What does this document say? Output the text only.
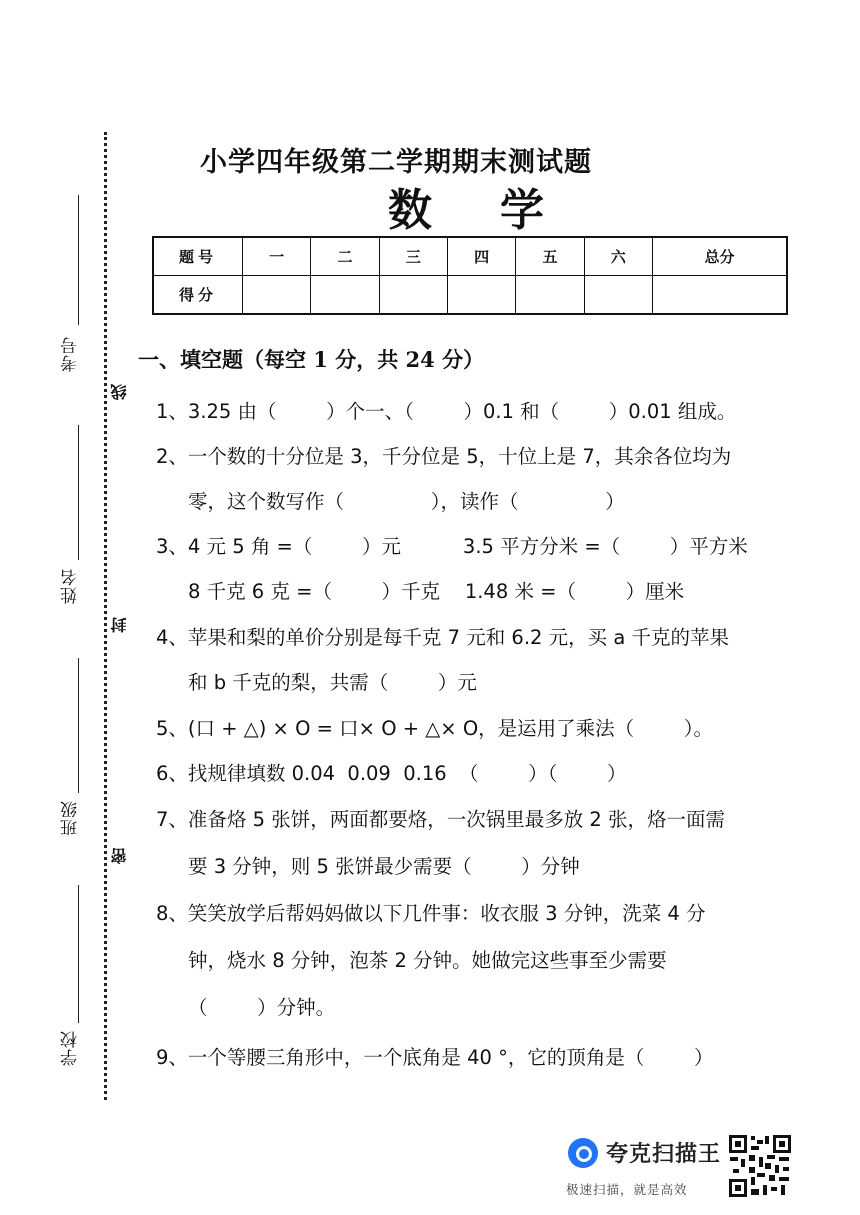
考号
姓名
班级
学校
线
封
密
小学四年级第二学期期末测试题
数学
题号	一	二	三	四	五	六	总分
得分							
一、填空题（每空 1 分，共 24 分）
1、3.25 由（        ）个一、（        ）0.1 和（        ）0.01 组成。
2、一个数的十分位是 3，千分位是 5，十位上是 7，其余各位均为
零，这个数写作（              ），读作（              ）
3、4 元 5 角 =（        ）元          3.5 平方分米 =（        ）平方米
8 千克 6 克 =（        ）千克    1.48 米 =（        ）厘米
4、苹果和梨的单价分别是每千克 7 元和 6.2 元，买 a 千克的苹果
和 b 千克的梨，共需（        ）元
5、(口 + △) × O = 口× O + △× O，是运用了乘法（        ）。
6、找规律填数 0.04  0.09  0.16  （        ）（        ）
7、准备烙 5 张饼，两面都要烙，一次锅里最多放 2 张，烙一面需
要 3 分钟，则 5 张饼最少需要（        ）分钟
8、笑笑放学后帮妈妈做以下几件事：收衣服 3 分钟，洗菜 4 分
钟，烧水 8 分钟，泡茶 2 分钟。她做完这些事至少需要
（        ）分钟。
9、一个等腰三角形中，一个底角是 40 °，它的顶角是（        ）
夸克扫描王
极速扫描，就是高效
